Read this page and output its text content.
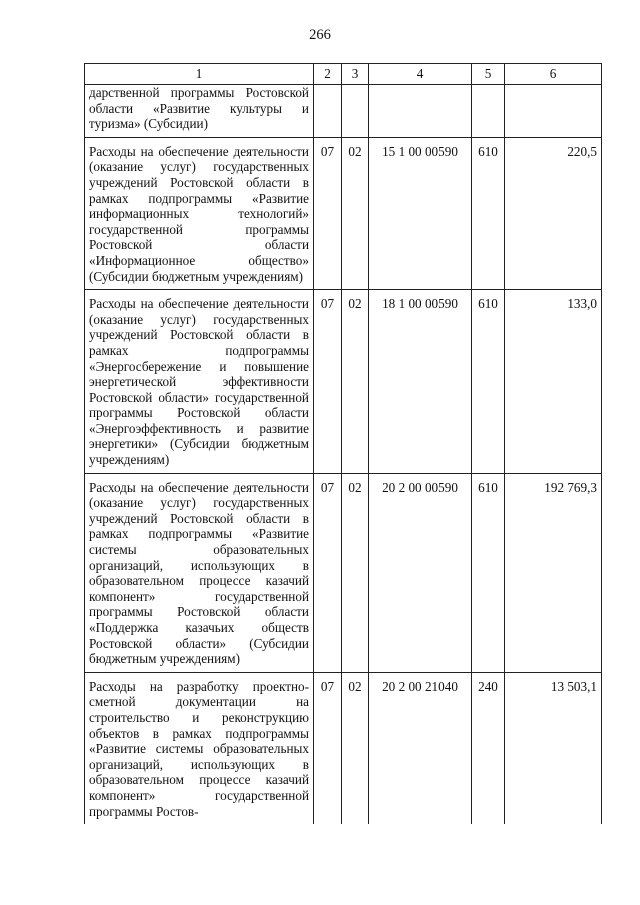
266
1	2	3	4	5	6
дарственной программы Ростовской области «Развитие культуры и туризма» (Субсидии)					
Расходы на обеспечение деятельности (оказание услуг) государственных учреждений Ростовской области в рамках подпрограммы «Развитие информационных технологий» государственной программы Ростовской области «Информационное общество» (Субсидии бюджетным учреждениям)	07	02	15 1 00 00590	610	220,5
Расходы на обеспечение деятельности (оказание услуг) государственных учреждений Ростовской области в рамках подпрограммы «Энергосбережение и повышение энергетической эффективности Ростовской области» государственной программы Ростовской области «Энергоэффективность и развитие энергетики» (Субсидии бюджетным учреждениям)	07	02	18 1 00 00590	610	133,0
Расходы на обеспечение деятельности (оказание услуг) государственных учреждений Ростовской области в рамках подпрограммы «Развитие системы образовательных организаций, использующих в образовательном процессе казачий компонент» государственной программы Ростовской области «Поддержка казачьих обществ Ростовской области» (Субсидии бюджетным учреждениям)	07	02	20 2 00 00590	610	192 769,3
Расходы на разработку проектно-сметной документации на строительство и реконструкцию объектов в рамках подпрограммы «Развитие системы образовательных организаций, использующих в образовательном процессе казачий компонент» государственной программы Ростов-	07	02	20 2 00 21040	240	13 503,1
